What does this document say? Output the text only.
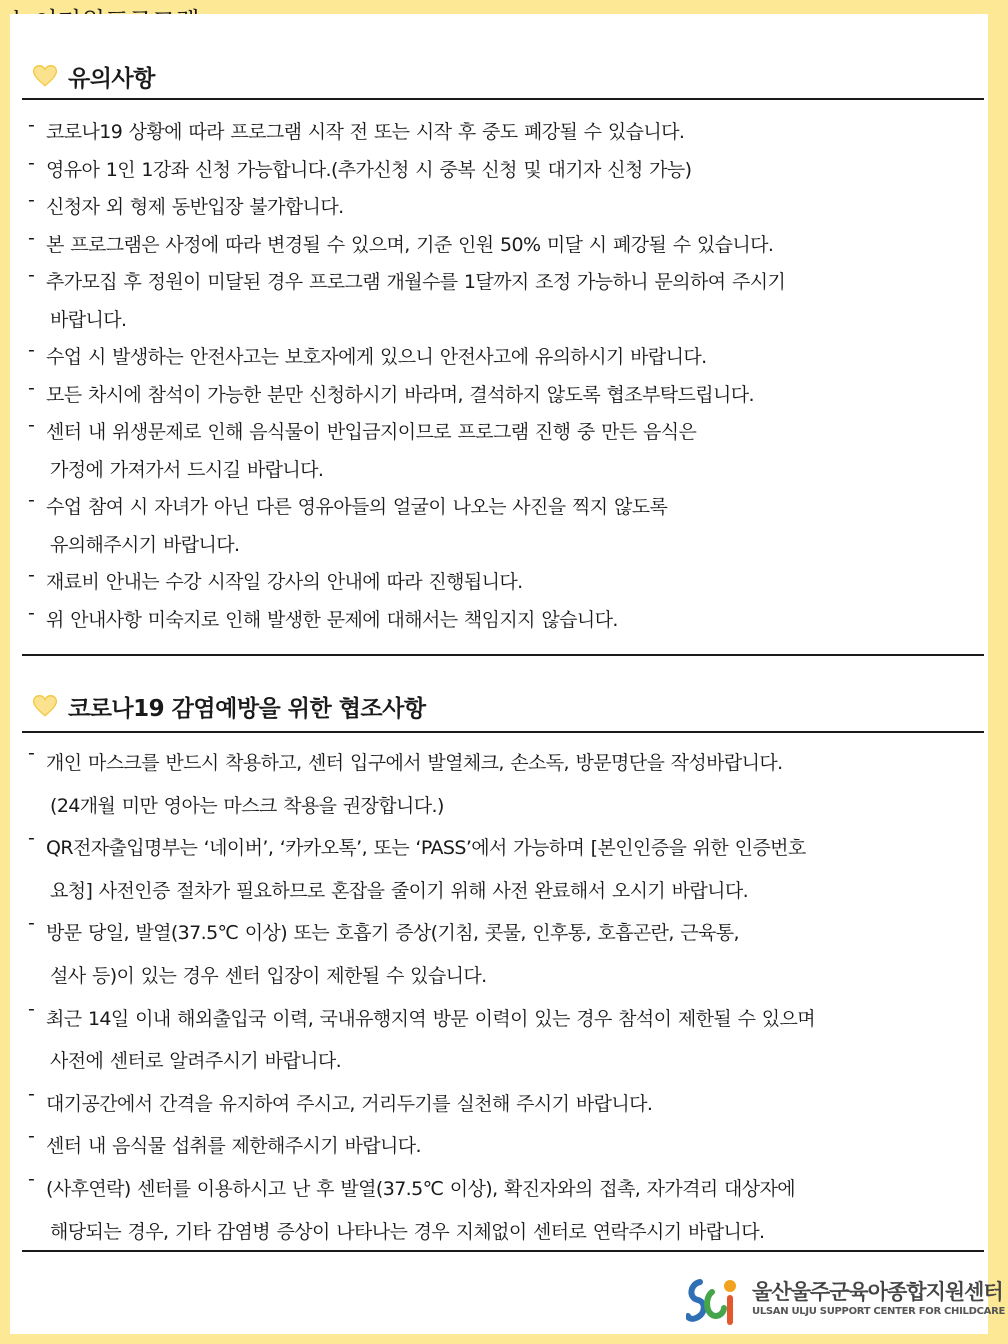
유의사항
- 코로나19 상황에 따라 프로그램 시작 전 또는 시작 후 중도 폐강될 수 있습니다.
- 영유아 1인 1강좌 신청 가능합니다.(추가신청 시 중복 신청 및 대기자 신청 가능)
- 신청자 외 형제 동반입장 불가합니다.
- 본 프로그램은 사정에 따라 변경될 수 있으며, 기준 인원 50% 미달 시 폐강될 수 있습니다.
- 추가모집 후 정원이 미달된 경우 프로그램 개월수를 1달까지 조정 가능하니 문의하여 주시기
바랍니다.
- 수업 시 발생하는 안전사고는 보호자에게 있으니 안전사고에 유의하시기 바랍니다.
- 모든 차시에 참석이 가능한 분만 신청하시기 바라며, 결석하지 않도록 협조부탁드립니다.
- 센터 내 위생문제로 인해 음식물이 반입금지이므로 프로그램 진행 중 만든 음식은
가정에 가져가서 드시길 바랍니다.
- 수업 참여 시 자녀가 아닌 다른 영유아들의 얼굴이 나오는 사진을 찍지 않도록
유의해주시기 바랍니다.
- 재료비 안내는 수강 시작일 강사의 안내에 따라 진행됩니다.
- 위 안내사항 미숙지로 인해 발생한 문제에 대해서는 책임지지 않습니다.
코로나19 감염예방을 위한 협조사항
- 개인 마스크를 반드시 착용하고, 센터 입구에서 발열체크, 손소독, 방문명단을 작성바랍니다.
(24개월 미만 영아는 마스크 착용을 권장합니다.)
- QR전자출입명부는 ‘네이버’, ‘카카오톡’, 또는 ‘PASS’에서 가능하며 [본인인증을 위한 인증번호
요청] 사전인증 절차가 필요하므로 혼잡을 줄이기 위해 사전 완료해서 오시기 바랍니다.
- 방문 당일, 발열(37.5℃ 이상) 또는 호흡기 증상(기침, 콧물, 인후통, 호흡곤란, 근육통,
설사 등)이 있는 경우 센터 입장이 제한될 수 있습니다.
- 최근 14일 이내 해외출입국 이력, 국내유행지역 방문 이력이 있는 경우 참석이 제한될 수 있으며
사전에 센터로 알려주시기 바랍니다.
- 대기공간에서 간격을 유지하여 주시고, 거리두기를 실천해 주시기 바랍니다.
- 센터 내 음식물 섭취를 제한해주시기 바랍니다.
- (사후연락) 센터를 이용하시고 난 후 발열(37.5℃ 이상), 확진자와의 접촉, 자가격리 대상자에
해당되는 경우, 기타 감염병 증상이 나타나는 경우 지체없이 센터로 연락주시기 바랍니다.
울산울주군육아종합지원센터
ULSAN ULJU SUPPORT CENTER FOR CHILDCARE
